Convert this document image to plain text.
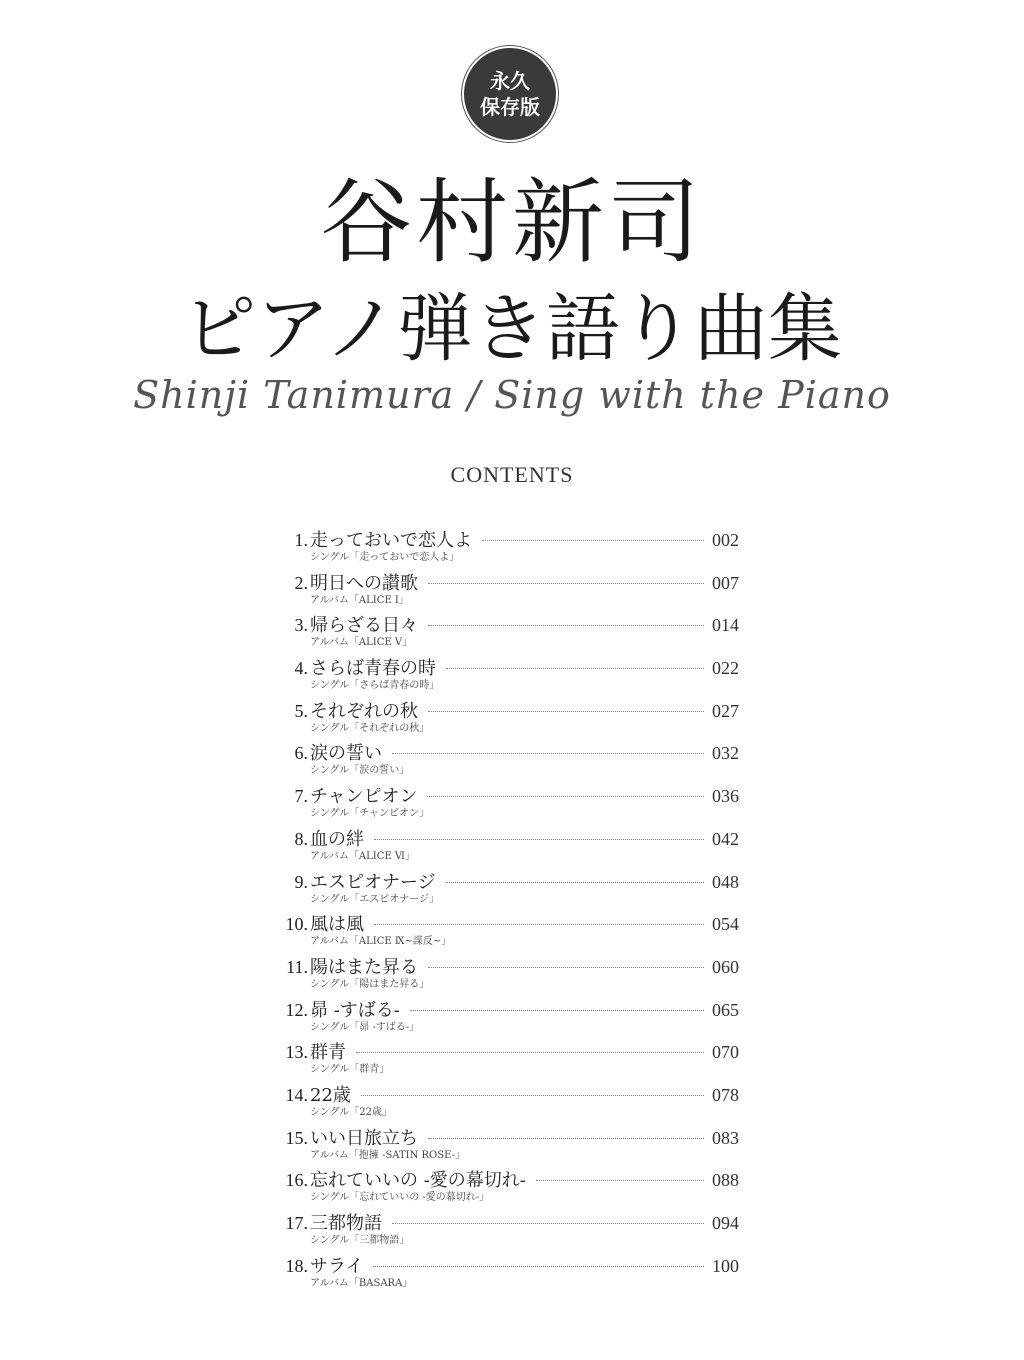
永久
保存版
谷村新司
ピアノ弾き語り曲集
Shinji Tanimura / Sing with the Piano
CONTENTS
1. 走っておいで恋人よ	002
シングル「走っておいで恋人よ」
2. 明日への讃歌	007
アルバム「ALICE I」
3. 帰らざる日々	014
アルバム「ALICE V」
4. さらば青春の時	022
シングル「さらば青春の時」
5. それぞれの秋	027
シングル「それぞれの秋」
6. 涙の誓い	032
シングル「涙の誓い」
7. チャンピオン	036
シングル「チャンピオン」
8. 血の絆	042
アルバム「ALICE Ⅵ」
9. エスピオナージ	048
シングル「エスピオナージ」
10. 風は風	054
アルバム「ALICE Ⅸ~謀反~」
11. 陽はまた昇る	060
シングル「陽はまた昇る」
12. 昴 -すばる-	065
シングル「昴 -すばる-」
13. 群青	070
シングル「群青」
14. 22歳	078
シングル「22歳」
15. いい日旅立ち	083
アルバム「抱擁 -SATIN ROSE-」
16. 忘れていいの -愛の幕切れ-	088
シングル「忘れていいの -愛の幕切れ-」
17. 三都物語	094
シングル「三都物語」
18. サライ	100
アルバム「BASARA」
